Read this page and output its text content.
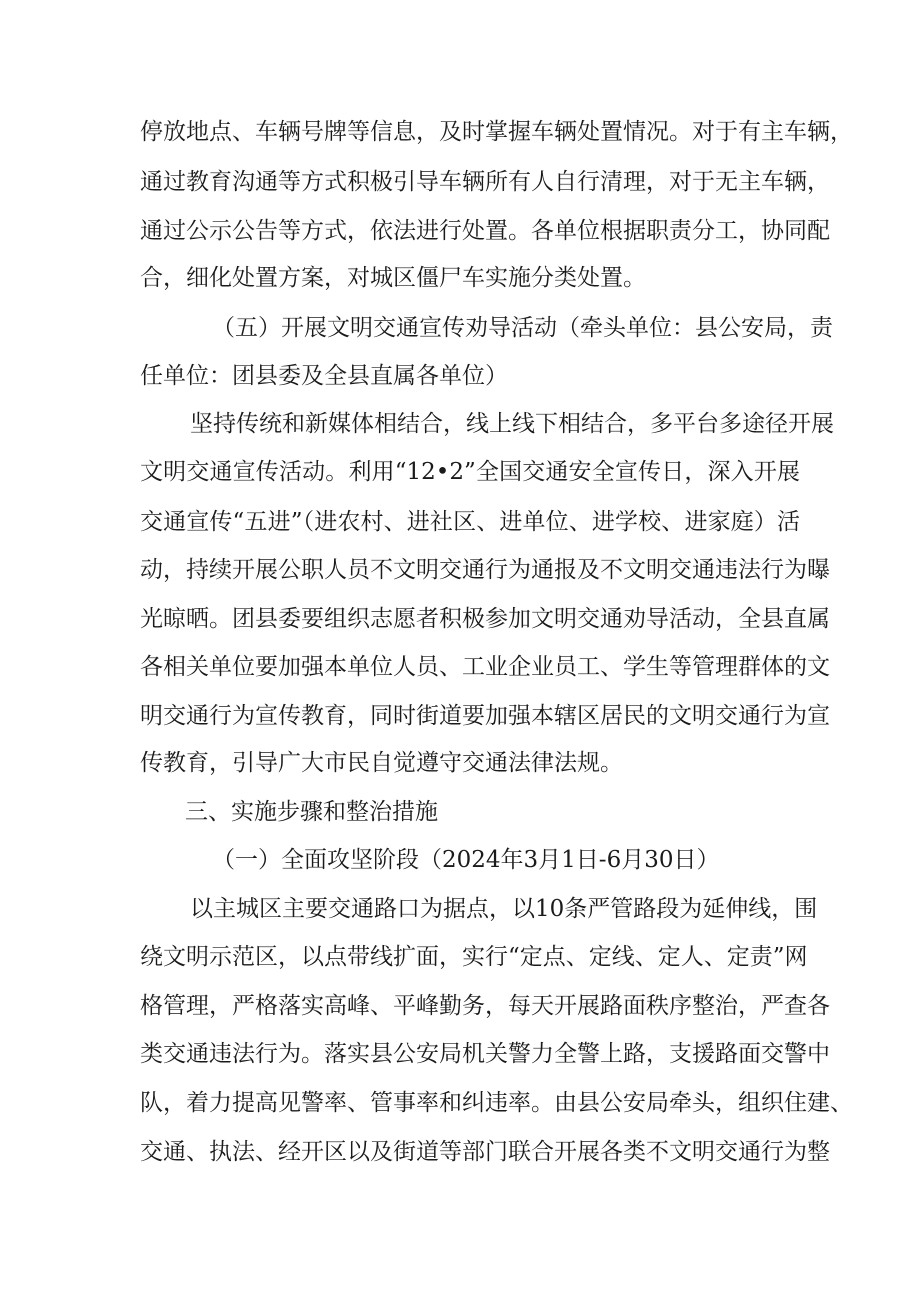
停放地点、车辆号牌等信息，及时掌握车辆处置情况。对于有主车辆，
通过教育沟通等方式积极引导车辆所有人自行清理，对于无主车辆，
通过公示公告等方式，依法进行处置。各单位根据职责分工，协同配
合，细化处置方案，对城区僵尸车实施分类处置。
（五）开展文明交通宣传劝导活动（牵头单位：县公安局，责
任单位：团县委及全县直属各单位）
坚持传统和新媒体相结合，线上线下相结合，多平台多途径开展
文明交通宣传活动。利用“12•2”全国交通安全宣传日，深入开展
交通宣传“五进”（进农村、进社区、进单位、进学校、进家庭）活
动，持续开展公职人员不文明交通行为通报及不文明交通违法行为曝
光晾晒。团县委要组织志愿者积极参加文明交通劝导活动，全县直属
各相关单位要加强本单位人员、工业企业员工、学生等管理群体的文
明交通行为宣传教育，同时街道要加强本辖区居民的文明交通行为宣
传教育，引导广大市民自觉遵守交通法律法规。
三、实施步骤和整治措施
（一）全面攻坚阶段（2024年3月1日-6月30日）
以主城区主要交通路口为据点，以10条严管路段为延伸线，围
绕文明示范区，以点带线扩面，实行“定点、定线、定人、定责”网
格管理，严格落实高峰、平峰勤务，每天开展路面秩序整治，严查各
类交通违法行为。落实县公安局机关警力全警上路，支援路面交警中
队，着力提高见警率、管事率和纠违率。由县公安局牵头，组织住建、
交通、执法、经开区以及街道等部门联合开展各类不文明交通行为整
